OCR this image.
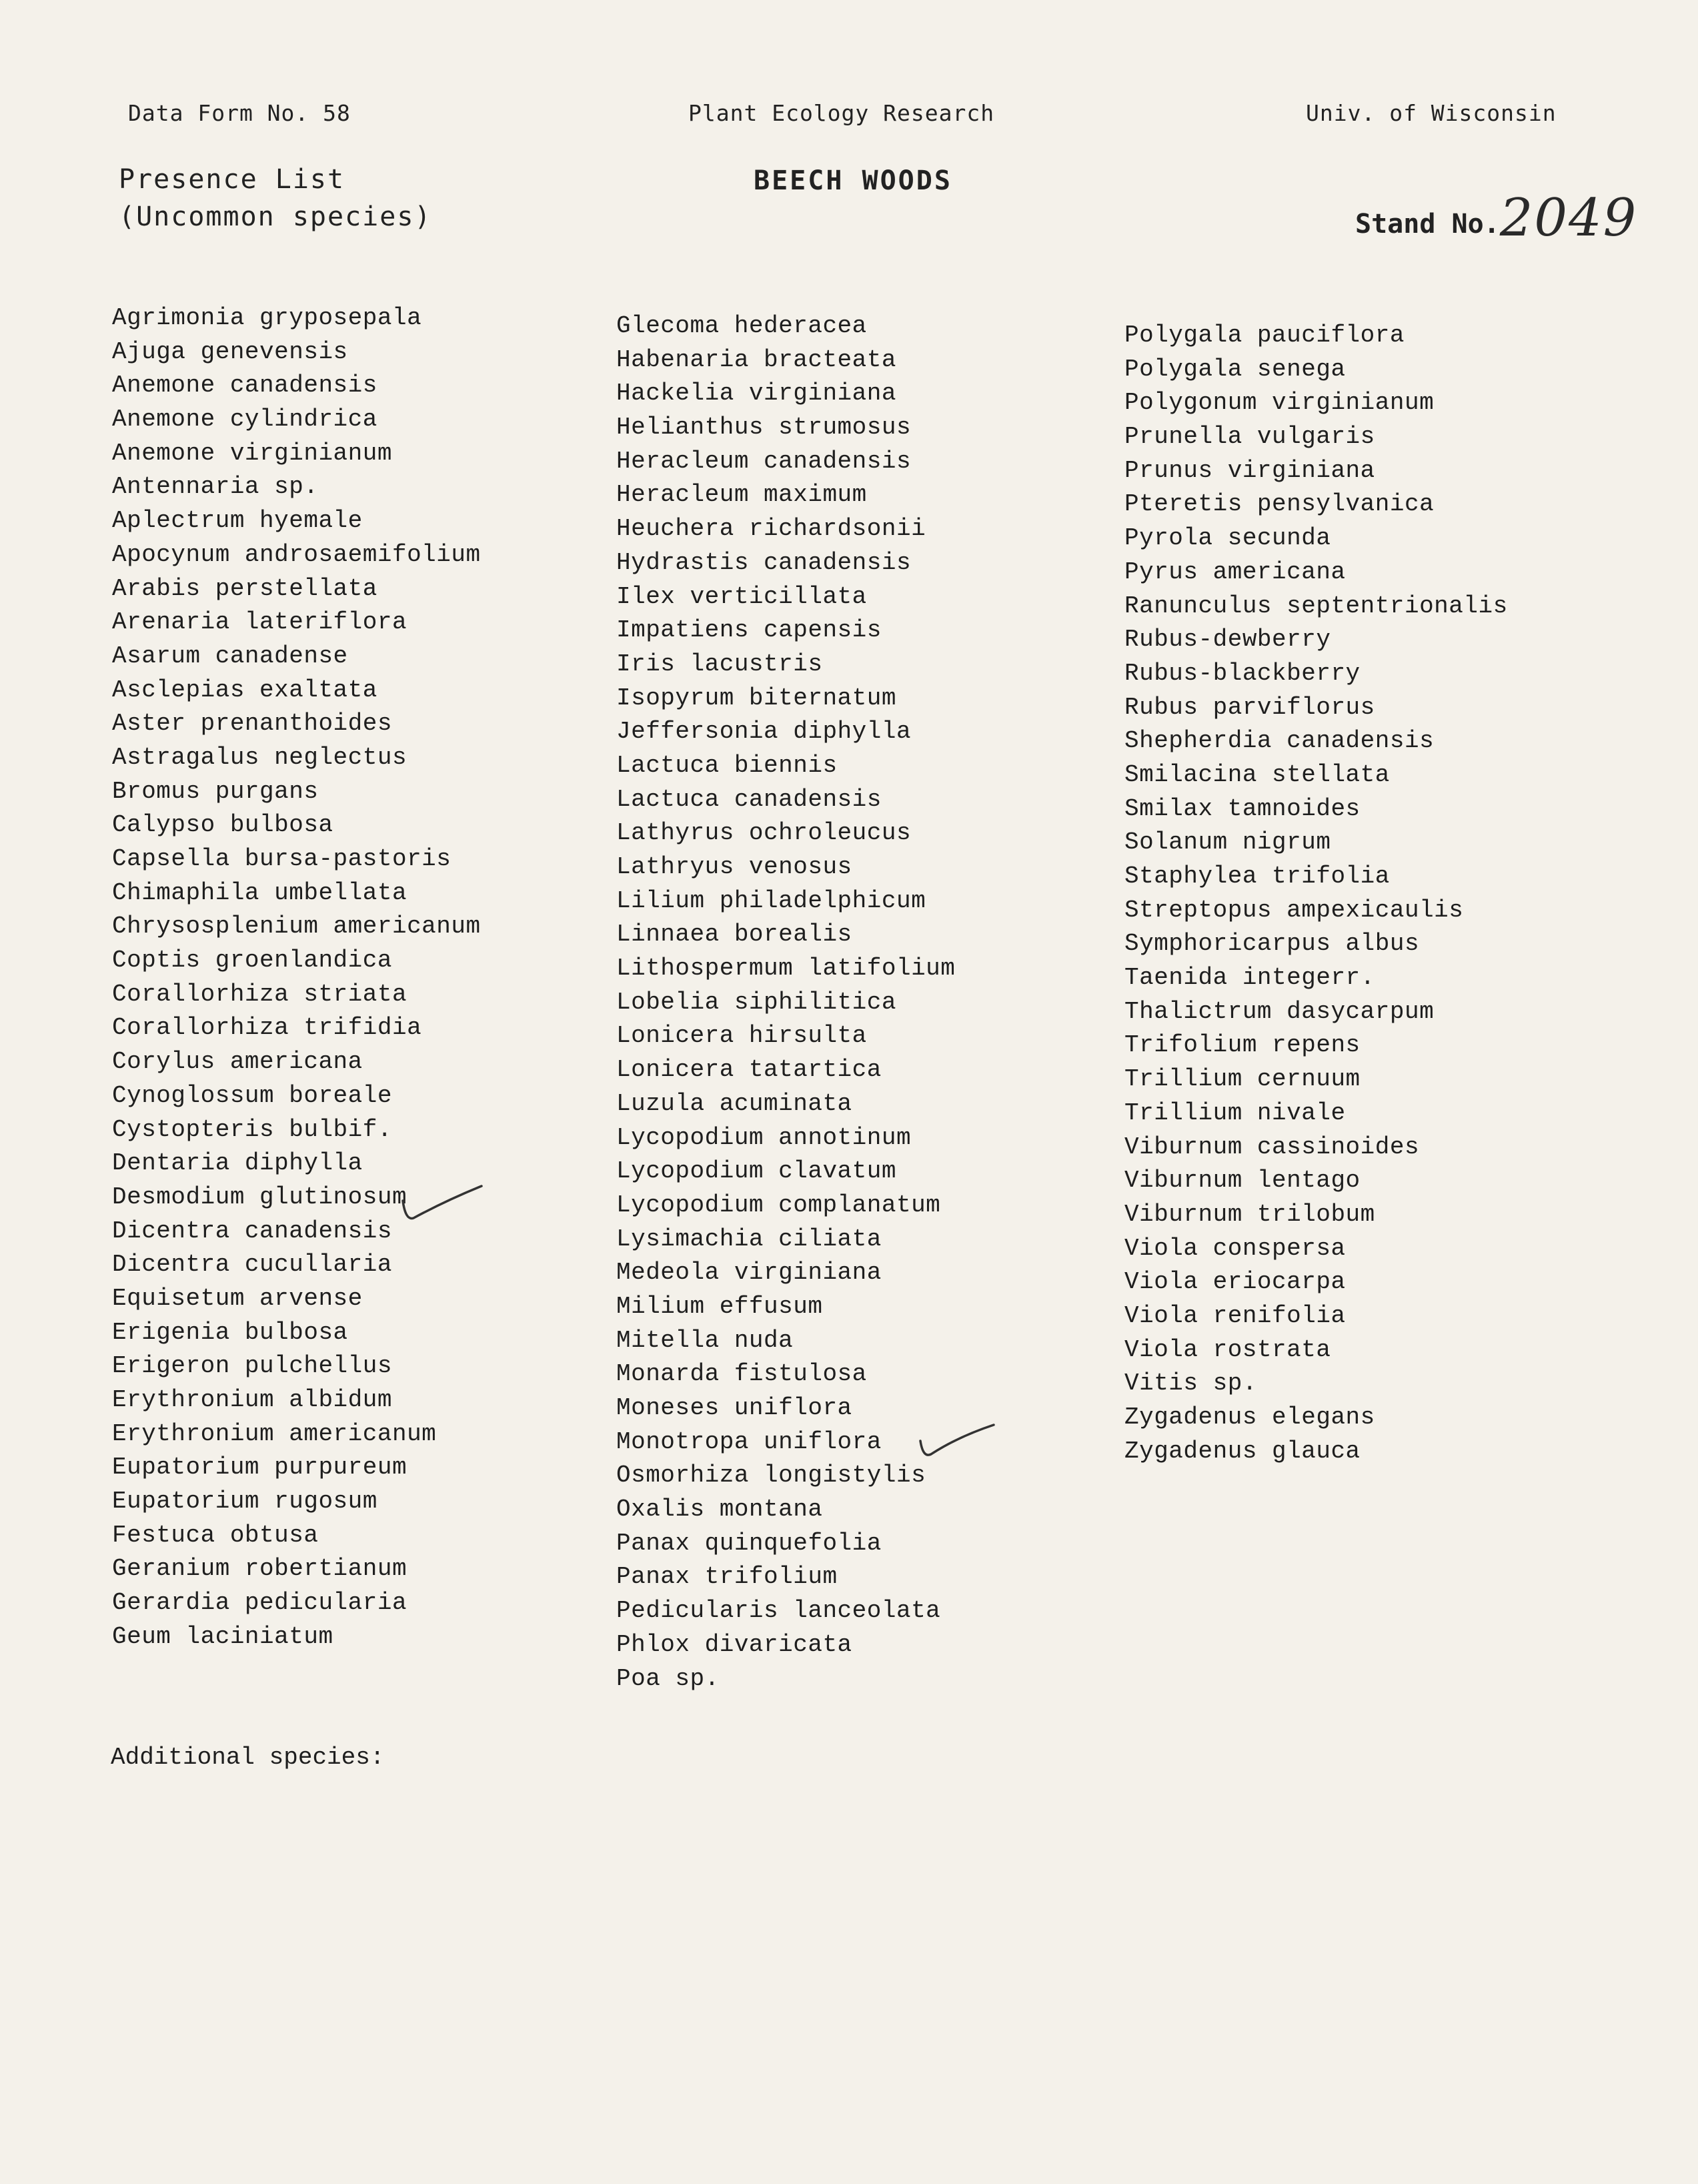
Data Form No. 58	Plant Ecology Research	Univ. of Wisconsin
Presence List
(Uncommon species)
BEECH WOODS
Stand No.2049
Agrimonia gryposepala
Ajuga genevensis
Anemone canadensis
Anemone cylindrica
Anemone virginianum
Antennaria sp.
Aplectrum hyemale
Apocynum androsaemifolium
Arabis perstellata
Arenaria lateriflora
Asarum canadense
Asclepias exaltata
Aster prenanthoides
Astragalus neglectus
Bromus purgans
Calypso bulbosa
Capsella bursa-pastoris
Chimaphila umbellata
Chrysosplenium americanum
Coptis groenlandica
Corallorhiza striata
Corallorhiza trifidia
Corylus americana
Cynoglossum boreale
Cystopteris bulbif.
Dentaria diphylla
Desmodium glutinosum
Dicentra canadensis
Dicentra cucullaria
Equisetum arvense
Erigenia bulbosa
Erigeron pulchellus
Erythronium albidum
Erythronium americanum
Eupatorium purpureum
Eupatorium rugosum
Festuca obtusa
Geranium robertianum
Gerardia pedicularia
Geum laciniatum
Glecoma hederacea
Habenaria bracteata
Hackelia virginiana
Helianthus strumosus
Heracleum canadensis
Heracleum maximum
Heuchera richardsonii
Hydrastis canadensis
Ilex verticillata
Impatiens capensis
Iris lacustris
Isopyrum biternatum
Jeffersonia diphylla
Lactuca biennis
Lactuca canadensis
Lathyrus ochroleucus
Lathryus venosus
Lilium philadelphicum
Linnaea borealis
Lithospermum latifolium
Lobelia siphilitica
Lonicera hirsulta
Lonicera tatartica
Luzula acuminata
Lycopodium annotinum
Lycopodium clavatum
Lycopodium complanatum
Lysimachia ciliata
Medeola virginiana
Milium effusum
Mitella nuda
Monarda fistulosa
Moneses uniflora
Monotropa uniflora
Osmorhiza longistylis
Oxalis montana
Panax quinquefolia
Panax trifolium
Pedicularis lanceolata
Phlox divaricata
Poa sp.
Polygala pauciflora
Polygala senega
Polygonum virginianum
Prunella vulgaris
Prunus virginiana
Pteretis pensylvanica
Pyrola secunda
Pyrus americana
Ranunculus septentrionalis
Rubus-dewberry
Rubus-blackberry
Rubus parviflorus
Shepherdia canadensis
Smilacina stellata
Smilax tamnoides
Solanum nigrum
Staphylea trifolia
Streptopus ampexicaulis
Symphoricarpus albus
Taenida integerr.
Thalictrum dasycarpum
Trifolium repens
Trillium cernuum
Trillium nivale
Viburnum cassinoides
Viburnum lentago
Viburnum trilobum
Viola conspersa
Viola eriocarpa
Viola renifolia
Viola rostrata
Vitis sp.
Zygadenus elegans
Zygadenus glauca
Additional species:
